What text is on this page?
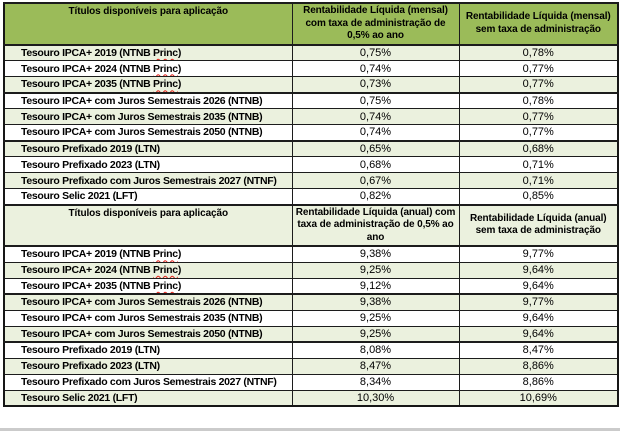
Títulos disponíveis para aplicação	Rentabilidade Líquida (mensal) com taxa de administração de 0,5% ao ano	Rentabilidade Líquida (mensal) sem taxa de administração
Tesouro IPCA+ 2019 (NTNB Princ)	0,75%	0,78%
Tesouro IPCA+ 2024 (NTNB Princ)	0,74%	0,77%
Tesouro IPCA+ 2035 (NTNB Princ)	0,73%	0,77%
Tesouro IPCA+ com Juros Semestrais 2026 (NTNB)	0,75%	0,78%
Tesouro IPCA+ com Juros Semestrais 2035 (NTNB)	0,74%	0,77%
Tesouro IPCA+ com Juros Semestrais 2050 (NTNB)	0,74%	0,77%
Tesouro Prefixado 2019 (LTN)	0,65%	0,68%
Tesouro Prefixado 2023 (LTN)	0,68%	0,71%
Tesouro Prefixado com Juros Semestrais 2027 (NTNF)	0,67%	0,71%
Tesouro Selic 2021 (LFT)	0,82%	0,85%
Títulos disponíveis para aplicação	Rentabilidade Líquida (anual) com taxa de administração de 0,5% ao ano	Rentabilidade Líquida (anual) sem taxa de administração
Tesouro IPCA+ 2019 (NTNB Princ)	9,38%	9,77%
Tesouro IPCA+ 2024 (NTNB Princ)	9,25%	9,64%
Tesouro IPCA+ 2035 (NTNB Princ)	9,12%	9,64%
Tesouro IPCA+ com Juros Semestrais 2026 (NTNB)	9,38%	9,77%
Tesouro IPCA+ com Juros Semestrais 2035 (NTNB)	9,25%	9,64%
Tesouro IPCA+ com Juros Semestrais 2050 (NTNB)	9,25%	9,64%
Tesouro Prefixado 2019 (LTN)	8,08%	8,47%
Tesouro Prefixado 2023 (LTN)	8,47%	8,86%
Tesouro Prefixado com Juros Semestrais 2027 (NTNF)	8,34%	8,86%
Tesouro Selic 2021 (LFT)	10,30%	10,69%
